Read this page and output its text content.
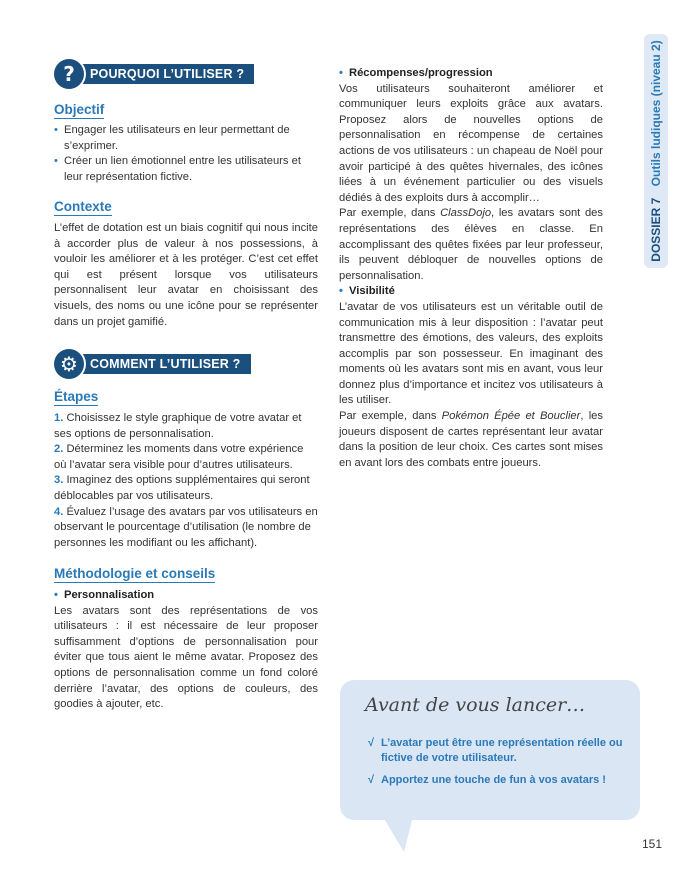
DOSSIER 7 Outils ludiques (niveau 2)
?	POURQUOI L’UTILISER ?
Objectif
• Engager les utilisateurs en leur permettant de s’exprimer.
• Créer un lien émotionnel entre les utilisateurs et leur représentation fictive.
Contexte
L’effet de dotation est un biais cognitif qui nous incite à accorder plus de valeur à nos possessions, à vouloir les améliorer et à les protéger. C’est cet effet qui est présent lorsque vos utilisateurs personnalisent leur avatar en choisissant des visuels, des noms ou une icône pour se représenter dans un projet gamifié.
⚙ COMMENT L’UTILISER ?
Étapes
1. Choisissez le style graphique de votre avatar et ses options de personnalisation.
2. Déterminez les moments dans votre expérience où l’avatar sera visible pour d’autres utilisateurs.
3. Imaginez des options supplémentaires qui seront déblocables par vos utilisateurs.
4. Évaluez l’usage des avatars par vos utilisateurs en observant le pourcentage d’utilisation (le nombre de personnes les modifiant ou les affichant).
Méthodologie et conseils
• Personnalisation
Les avatars sont des représentations de vos utilisateurs : il est nécessaire de leur proposer suffisamment d’options de personnalisation pour éviter que tous aient le même avatar. Proposez des options de personnalisation comme un fond coloré derrière l’avatar, des options de couleurs, des goodies à ajouter, etc.
• Récompenses/progression
Vos utilisateurs souhaiteront améliorer et communiquer leurs exploits grâce aux avatars. Proposez alors de nouvelles options de personnalisation en récompense de certaines actions de vos utilisateurs : un chapeau de Noël pour avoir participé à des quêtes hivernales, des icônes liées à un événement particulier ou des visuels dédiés à des exploits durs à accomplir…
Par exemple, dans ClassDojo, les avatars sont des représentations des élèves en classe. En accomplissant des quêtes fixées par leur professeur, ils peuvent débloquer de nouvelles options de personnalisation.
• Visibilité
L’avatar de vos utilisateurs est un véritable outil de communication mis à leur disposition : l’avatar peut transmettre des émotions, des valeurs, des exploits accomplis par son possesseur. En imaginant des moments où les avatars sont mis en avant, vous leur donnez plus d’importance et incitez vos utilisateurs à les utiliser.
Par exemple, dans Pokémon Épée et Bouclier, les joueurs disposent de cartes représentant leur avatar dans la position de leur choix. Ces cartes sont mises en avant lors des combats entre joueurs.
Avant de vous lancer…
√ L’avatar peut être une représentation réelle ou fictive de votre utilisateur.
√ Apportez une touche de fun à vos avatars !
151
